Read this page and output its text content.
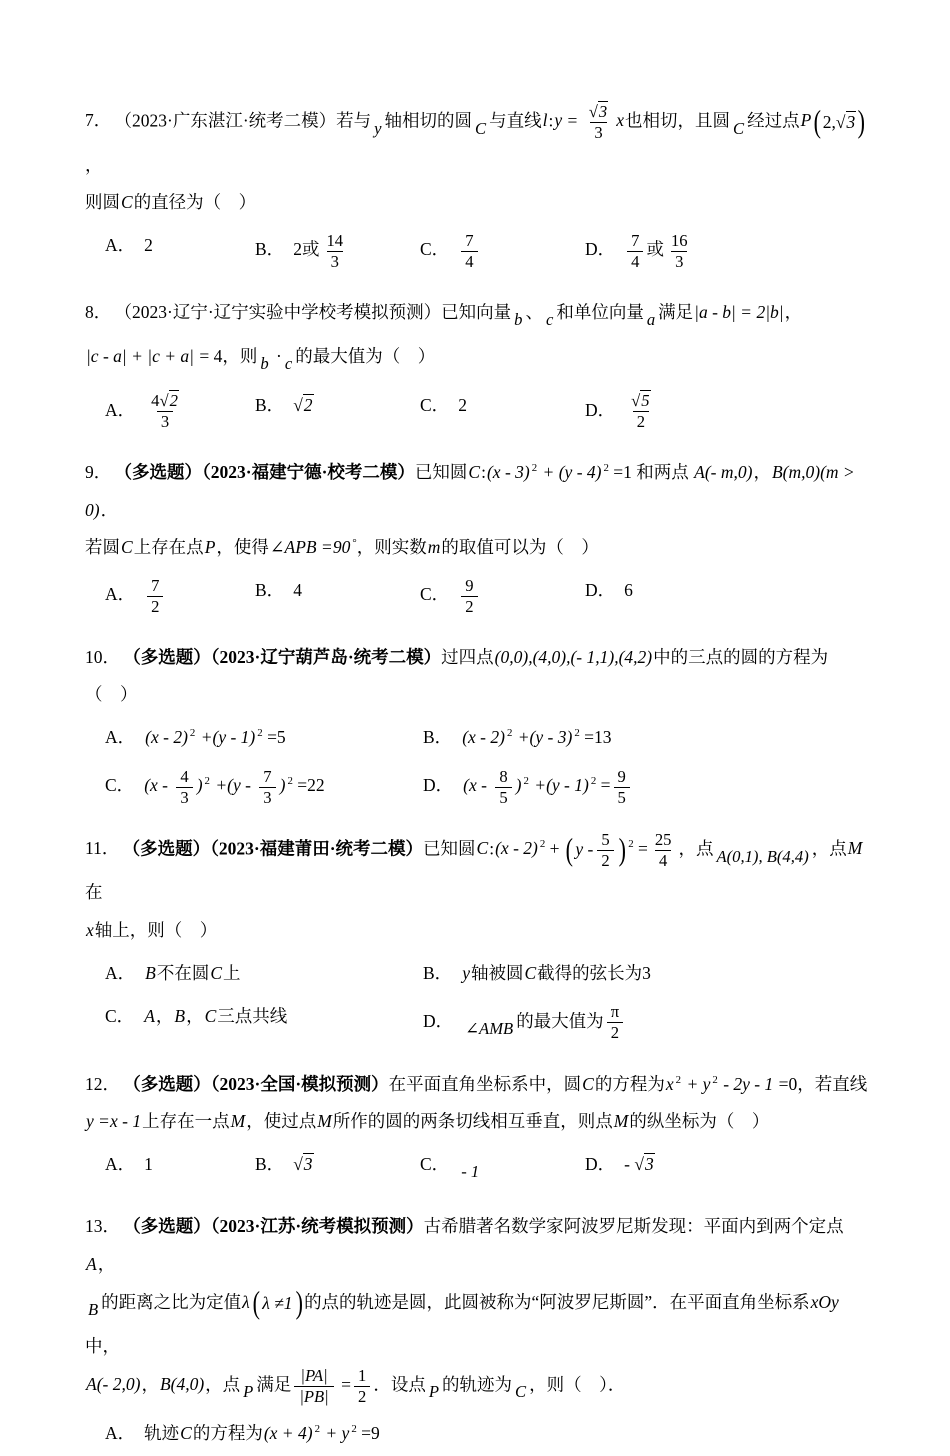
7． （2023·广东湛江·统考二模）若与 y 轴相切的圆 C 与直线l:y = $\frac{√3}{3}$ x也相切，且圆 C 经过点P ( 2, √3 )
，
则圆C的直径为（　）
A． 2	B． 2或 $\frac{14}{3}$	C． $\frac{7}{4}$	D． $\frac{7}{4}$ 或 $\frac{16}{3}$
8． （2023·辽宁·辽宁实验中学校考模拟预测）已知向量 b 、 c 和单位向量 a 满足|a - b| = 2|b|，
|c - a| + |c + a| = 4，则 b · c 的最大值为（　）
A． $\frac{4√2}{3}$	B． √2	C． 2	D． $\frac{√5}{2}$
9． （多选题）（2023·福建宁德·校考二模）已知圆C:(x - 3) $^2$ + (y - 4) $^2$ =1 和两点 A(- m,0)，B(m,0)(m > 0)．
若圆C上存在点P，使得∠APB =90 °，则实数m的取值可以为（　）
A． $\frac{7}{2}$	B． 4	C． $\frac{9}{2}$	D． 6
10． （多选题）（2023·辽宁葫芦岛·统考二模）过四点(0,0),(4,0),(- 1,1),(4,2)中的三点的圆的方程为
（　）
A． (x - 2) $^2$ +(y - 1) $^2$ =5	B． (x - 2) $^2$ +(y - 3) $^2$ =13
C． ($x - \frac{4}{3}$ ) $^2 +(y - \frac{7}{3}$ ) $^2$ =22	D． ($x - \frac{8}{5}$ ) $^2$ +(y - 1) $^2 = \frac{9}{5}$
11． （多选题）（2023·福建莆田·统考二模）已知圆C:(x - 2) $^2$ + ( y - $\frac{5}{2}$ ) $^2 = \frac{25}{4}$ ，点 A(0,1), B(4,4) ，点M在
x轴上，则（　）
A． B不在圆C上	B． y轴被圆C截得的弦长为3
C． A，B，C三点共线	D． ∠AMB 的最大值为 $\frac{\pi}{2}$
12． （多选题）（2023·全国·模拟预测）在平面直角坐标系中，圆C的方程为x $^2$ + y $^2$ - 2y - 1 =0，若直线
y =x - 1上存在一点M，使过点M所作的圆的两条切线相互垂直，则点M的纵坐标为（　）
A． 1	B． √3	C． - 1	D． - √3
13． （多选题）（2023·江苏·统考模拟预测）古希腊著名数学家阿波罗尼斯发现：平面内到两个定点A，
B 的距离之比为定值λ ( λ ≠1 ) 的点的轨迹是圆，此圆被称为“阿波罗尼斯圆”．在平面直角坐标系xOy中，
A(- 2,0)，B(4,0)，点 P 满足 $\frac{|PA|}{|PB|} = \frac{1}{2}$ ．设点 P 的轨迹为 C ，则（　）．
A． 轨迹C的方程为(x + 4) $^2$ + y $^2$ =9
